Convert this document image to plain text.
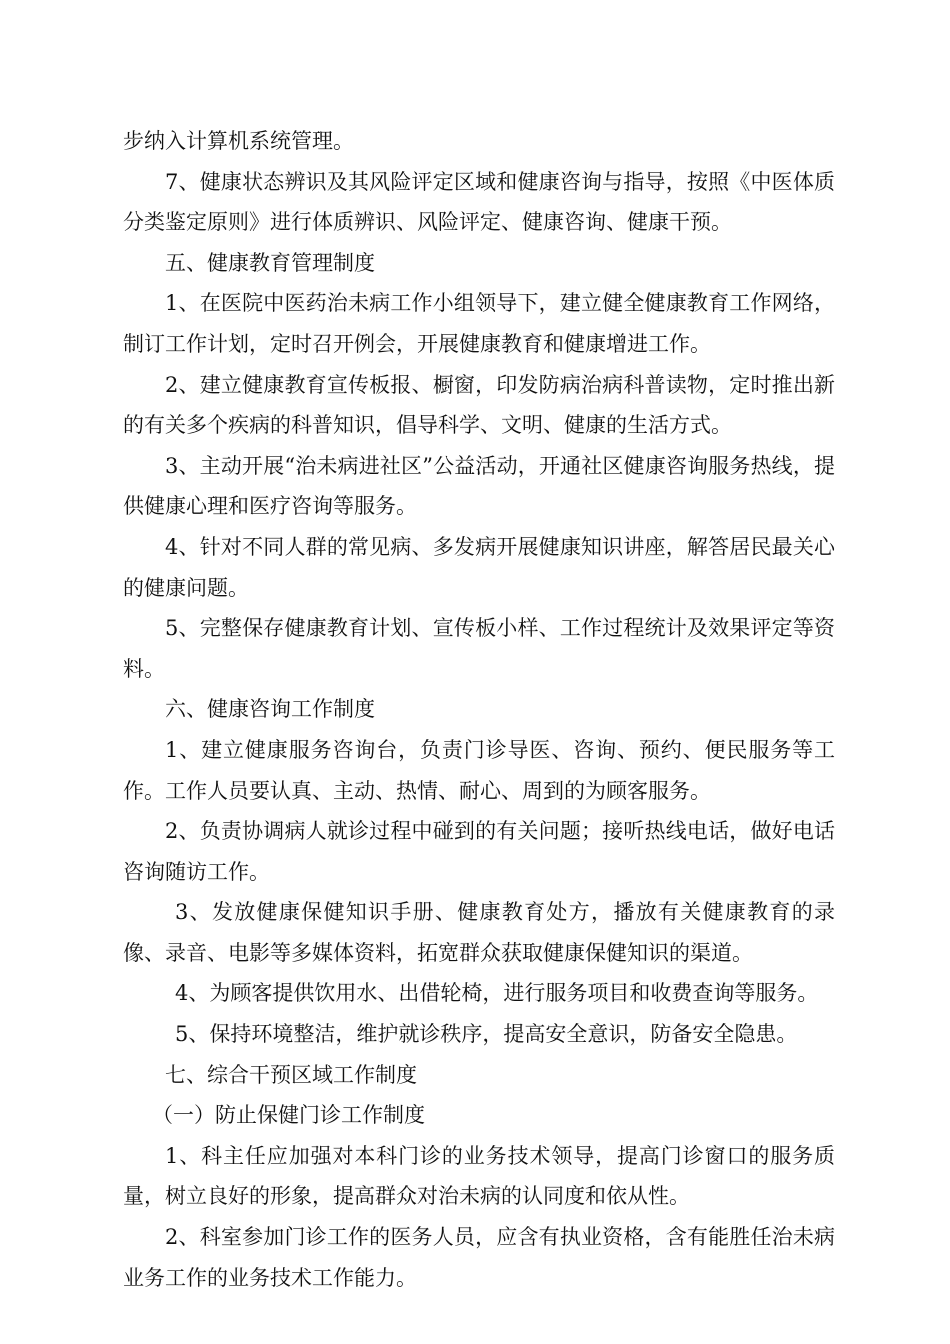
步纳入计算机系统管理。

7、健康状态辨识及其风险评定区域和健康咨询与指导，按照《中医体质分类鉴定原则》进行体质辨识、风险评定、健康咨询、健康干预。

五、健康教育管理制度

1、在医院中医药治未病工作小组领导下，建立健全健康教育工作网络，制订工作计划，定时召开例会，开展健康教育和健康增进工作。

2、建立健康教育宣传板报、橱窗，印发防病治病科普读物，定时推出新的有关多个疾病的科普知识，倡导科学、文明、健康的生活方式。

3、主动开展“治未病进社区”公益活动，开通社区健康咨询服务热线，提供健康心理和医疗咨询等服务。

4、针对不同人群的常见病、多发病开展健康知识讲座，解答居民最关心的健康问题。

5、完整保存健康教育计划、宣传板小样、工作过程统计及效果评定等资料。

六、健康咨询工作制度

1、建立健康服务咨询台，负责门诊导医、咨询、预约、便民服务等工作。工作人员要认真、主动、热情、耐心、周到的为顾客服务。

2、负责协调病人就诊过程中碰到的有关问题；接听热线电话，做好电话咨询随访工作。

3、发放健康保健知识手册、健康教育处方，播放有关健康教育的录像、录音、电影等多媒体资料，拓宽群众获取健康保健知识的渠道。

4、为顾客提供饮用水、出借轮椅，进行服务项目和收费查询等服务。

5、保持环境整洁，维护就诊秩序，提高安全意识，防备安全隐患。

七、综合干预区域工作制度

（一）防止保健门诊工作制度

1、科主任应加强对本科门诊的业务技术领导，提高门诊窗口的服务质量，树立良好的形象，提高群众对治未病的认同度和依从性。

2、科室参加门诊工作的医务人员，应含有执业资格，含有能胜任治未病业务工作的业务技术工作能力。
